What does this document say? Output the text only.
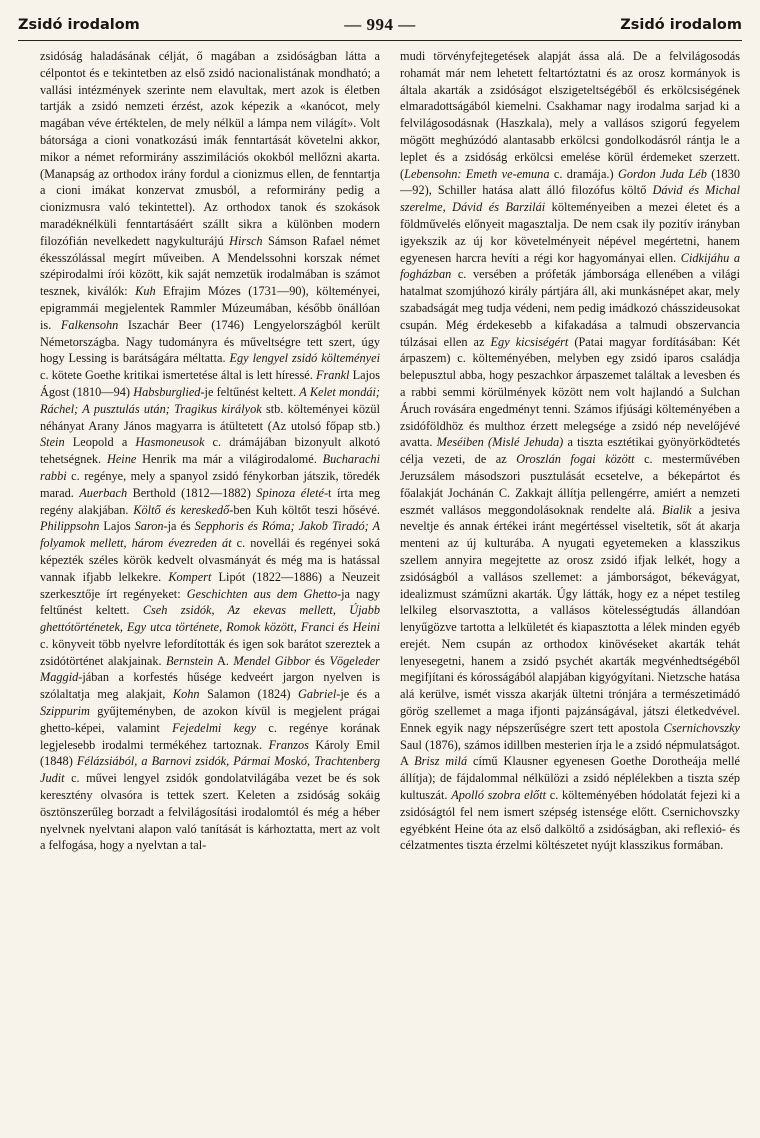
Zsidó irodalom	— 994 —	Zsidó irodalom

zsidóság haladásának célját, ő magában a zsidóságban látta a célpontot és e tekintetben az első zsidó nacionalistának mondható; a vallási intézmények szerinte nem elavultak, mert azok is életben tartják a zsidó nemzeti érzést, azok képezik a «kanócot, mely magában véve értéktelen, de mely nélkül a lámpa nem világít». Volt bátorsága a cioni vonatkozású imák fenntartását követelni akkor, mikor a német reformirány asszimilációs okokból mellőzni akarta. (Manapság az orthodox irány fordul a cionizmus ellen, de fenntartja a cioni imákat konzervat zmusból, a reformirány pedig a cionizmusra való tekintettel). Az orthodox tanok és szokások maradéknélküli fenntartásáért szállt sikra a különben modern filozófián nevelkedett nagykulturájú Hirsch Sámson Rafael német ékesszólással megírt műveiben. A Mendelssohni korszak német szépirodalmi írói között, kik saját nemzetük irodalmában is számot tesznek, kiválók: Kuh Efrajim Mózes (1731—90), költeményei, epigrammái megjelentek Rammler Múzeumában, később önállóan is. Falkensohn Iszachár Beer (1746) Lengyelországból került Németországba. Nagy tudományra és műveltségre tett szert, úgy hogy Lessing is barátságára méltatta. Egy lengyel zsidó költeményei c. kötete Goethe kritikai ismertetése által is lett híressé. Frankl Lajos Ágost (1810—94) Habsburglied-je feltűnést keltett. A Kelet mondái; Ráchel; A pusztulás után; Tragikus királyok stb. költeményei közül néhányat Arany János magyarra is átültetett (Az utolsó főpap stb.) Stein Leopold a Hasmoneusok c. drámájában bizonyult alkotó tehetségnek. Heine Henrik ma már a világirodalomé. Bucharachi rabbi c. regénye, mely a spanyol zsidó fénykorban játszik, töredék marad. Auerbach Berthold (1812—1882) Spinoza életé-t írta meg regény alakjában. Költő és kereskedő-ben Kuh költőt teszi hősévé. Philippsohn Lajos Saron-ja és Sepphoris és Róma; Jakob Tiradó; A folyamok mellett, három évezreden át c. novellái és regényei soká képezték széles körök kedvelt olvasmányát és még ma is hatással vannak ifjabb lelkekre. Kompert Lipót (1822—1886) a Neuzeit szerkesztője írt regényeket: Geschichten aus dem Ghetto-ja nagy feltűnést keltett. Cseh zsidók, Az ekevas mellett, Újabb ghettótörténetek, Egy utca története, Romok között, Franci és Heini c. könyveit több nyelvre lefordították és igen sok barátot szereztek a zsidótörténet alakjainak. Bernstein A. Mendel Gibbor és Vögeleder Maggid-jában a korfestés hűsége kedveért jargon nyelven is szólaltatja meg alakjait, Kohn Salamon (1824) Gabriel-je és a Szippurim gyűjteményben, de azokon kívül is megjelent prágai ghetto-képei, valamint Fejedelmi kegy c. regénye korának legjelesebb irodalmi termékéhez tartoznak. Franzos Károly Emil (1848) Félázsiából, a Barnovi zsidók, Pármai Moskó, Trachtenberg Judit c. művei lengyel zsidók gondolatvilágába vezet be és sok keresztény olvasóra is tettek szert. Keleten a zsidóság sokáig ösztönszerűleg borzadt a felvilágosítási irodalomtól és még a héber nyelvnek nyelvtani alapon való tanítását is kárhoztatta, mert az volt a felfogása, hogy a nyelvtan a tal-

mudi törvényfejtegetések alapját ássa alá. De a felvilágosodás rohamát már nem lehetett feltartóztatni és az orosz kormányok is általa akarták a zsidóságot elszigeteltségéből és erkölcsiségének elmaradottságából kiemelni. Csakhamar nagy irodalma sarjad ki a felvilágosodásnak (Haszkala), mely a vallásos szigorú fegyelem mögött meghúzódó alantasabb erkölcsi gondolkodásról rántja le a leplet és a zsidóság erkölcsi emelése körül érdemeket szerzett. (Lebensohn: Emeth ve-emuna c. dramája.) Gordon Juda Léb (1830—92), Schiller hatása alatt álló filozófus költő Dávid és Michal szerelme, Dávid és Barzilái költeményeiben a mezei életet és a földművelés előnyeit magasztalja. De nem csak ily pozitív irányban igyekszik az új kor követelményeit népével megértetni, hanem egyenesen harcra hevíti a régi kor hagyományai ellen. Cidkijáhu a fogházban c. versében a prófeták jámborsága ellenében a világi hatalmat szomjúhozó király pártjára áll, aki munkásnépet akar, mely szabadságát meg tudja védeni, nem pedig imádkozó chásszideusokat csupán. Még érdekesebb a kifakadása a talmudi obszervancia túlzásai ellen az Egy kicsiségért (Patai magyar fordításában: Két árpaszem) c. költeményében, melyben egy zsidó iparos családja belepusztul abba, hogy peszachkor árpaszemet találtak a levesben és a rabbi semmi körülmények között nem volt hajlandó a Sulchan Áruch rovására engedményt tenni. Számos ifjúsági költeményében a zsidóföldhöz és multhoz érzett melegsége a zsidó nép nevelőjévé avatta. Meséiben (Mislé Jehuda) a tiszta esztétikai gyönyörködtetés célja vezeti, de az Oroszlán fogai között c. mesterművében Jeruzsálem másodszori pusztulását ecsetelve, a békepártot és főalakját Jochánán C. Zakkajt állítja pellengérre, amiért a nemzeti eszmét vallásos meggondolásoknak rendelte alá. Bialik a jesiva neveltje és annak értékei iránt megértéssel viseltetik, sőt át akarja menteni az új kulturába. A nyugati egyetemeken a klasszikus szellem annyira megejtette az orosz zsidó ifjak lelkét, hogy a zsidóságból a vallásos szellemet: a jámborságot, békevágyat, idealizmust száműzni akarták. Úgy látták, hogy ez a népet testileg lelkileg elsorvasztotta, a vallásos kötelességtudás állandóan lenyűgözve tartotta a lelkületét és kiapasztotta a lélek minden egyéb erejét. Nem csupán az orthodox kinövéseket akarták tehát lenyesegetni, hanem a zsidó psychét akarták megvénhedtségéből megifjítani és kórosságából alapjában kigyógyítani. Nietzsche hatása alá kerülve, ismét vissza akarják ültetni trónjára a természetimádó görög szellemet a maga ifjonti pajzánságával, játszi életkedvével. Ennek egyik nagy népszerűségre szert tett apostola Csernichovszky Saul (1876), számos idillben mesterien írja le a zsidó népmulatságot. A Brisz milá című Klausner egyenesen Goethe Dorotheája mellé állítja); de fájdalommal nélkülözi a zsidó néplélekben a tiszta szép kultuszát. Apolló szobra előtt c. költeményében hódolatát fejezi ki a zsidóságtól fel nem ismert szépség istensége előtt. Csernichovszky egyébként Heine óta az első dalköltő a zsidóságban, aki reflexió- és célzatmentes tiszta érzelmi költészetet nyújt klasszikus formában.
